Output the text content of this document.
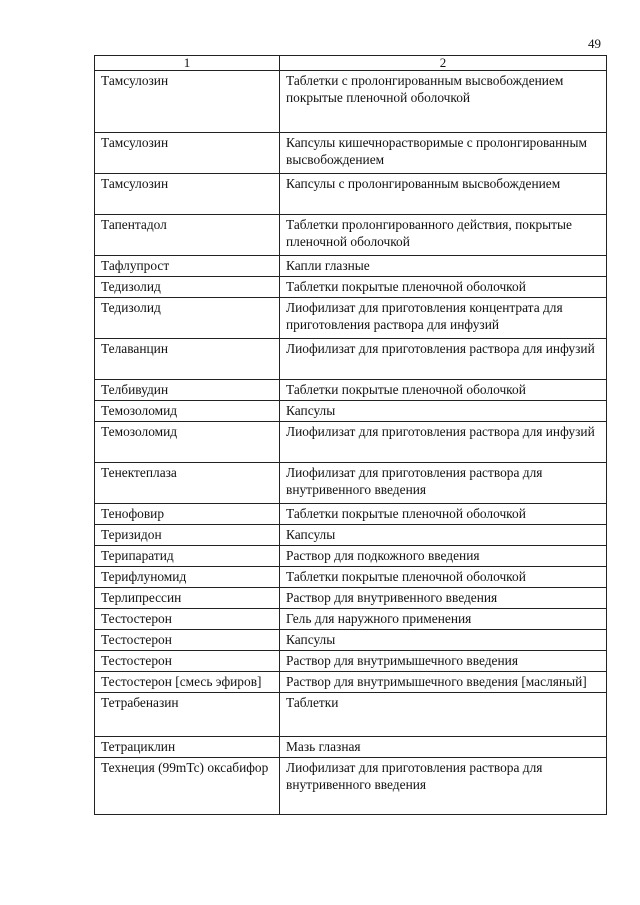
49
1	2
Тамсулозин	Таблетки с пролонгированным высвобождением покрытые пленочной оболочкой
Тамсулозин	Капсулы кишечнорастворимые с пролонгированным высвобождением
Тамсулозин	Капсулы с пролонгированным высвобождением
Тапентадол	Таблетки пролонгированного действия, покрытые пленочной оболочкой
Тафлупрост	Капли глазные
Тедизолид	Таблетки покрытые пленочной оболочкой
Тедизолид	Лиофилизат для приготовления концентрата для приготовления раствора для инфузий
Телаванцин	Лиофилизат для приготовления раствора для инфузий
Телбивудин	Таблетки покрытые пленочной оболочкой
Темозоломид	Капсулы
Темозоломид	Лиофилизат для приготовления раствора для инфузий
Тенектеплаза	Лиофилизат для приготовления раствора для внутривенного введения
Тенофовир	Таблетки покрытые пленочной оболочкой
Теризидон	Капсулы
Терипаратид	Раствор для подкожного введения
Терифлуномид	Таблетки покрытые пленочной оболочкой
Терлипрессин	Раствор для внутривенного введения
Тестостерон	Гель для наружного применения
Тестостерон	Капсулы
Тестостерон	Раствор для внутримышечного введения
Тестостерон [смесь эфиров]	Раствор для внутримышечного введения [масляный]
Тетрабеназин	Таблетки
Тетрациклин	Мазь глазная
Технеция (99mTc) оксабифор	Лиофилизат для приготовления раствора для внутривенного введения
